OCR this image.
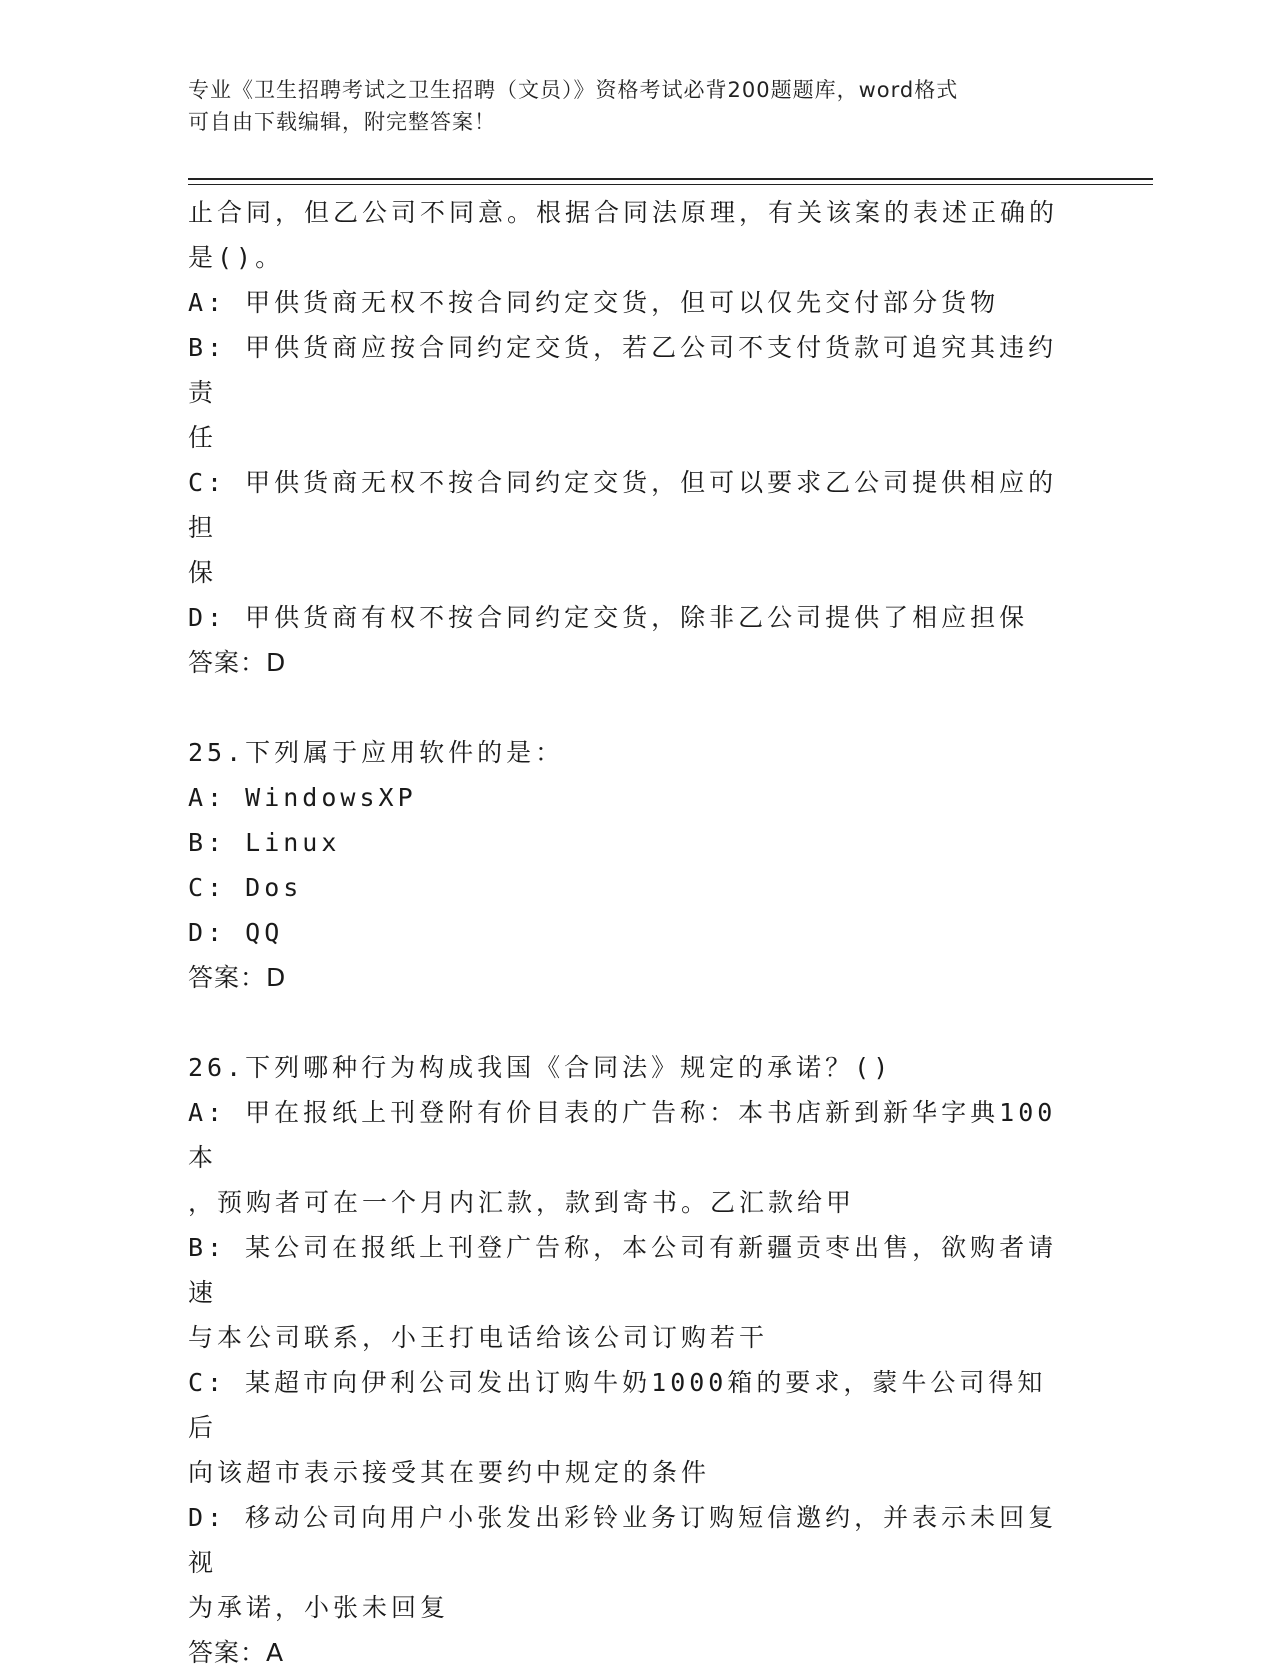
专业《卫生招聘考试之卫生招聘（文员）》资格考试必背200题题库，word格式
可自由下载编辑，附完整答案！

止合同，但乙公司不同意。根据合同法原理，有关该案的表述正确的

是()。

A: 甲供货商无权不按合同约定交货，但可以仅先交付部分货物

B: 甲供货商应按合同约定交货，若乙公司不支付货款可追究其违约责

任

C: 甲供货商无权不按合同约定交货，但可以要求乙公司提供相应的担

保

D: 甲供货商有权不按合同约定交货，除非乙公司提供了相应担保

答案：D

25.下列属于应用软件的是：

A: WindowsXP

B: Linux

C: Dos

D: QQ

答案：D

26.下列哪种行为构成我国《合同法》规定的承诺？()

A: 甲在报纸上刊登附有价目表的广告称：本书店新到新华字典100本

，预购者可在一个月内汇款，款到寄书。乙汇款给甲

B: 某公司在报纸上刊登广告称，本公司有新疆贡枣出售，欲购者请速

与本公司联系，小王打电话给该公司订购若干

C: 某超市向伊利公司发出订购牛奶1000箱的要求，蒙牛公司得知后

向该超市表示接受其在要约中规定的条件

D: 移动公司向用户小张发出彩铃业务订购短信邀约，并表示未回复视

为承诺，小张未回复

答案：A
